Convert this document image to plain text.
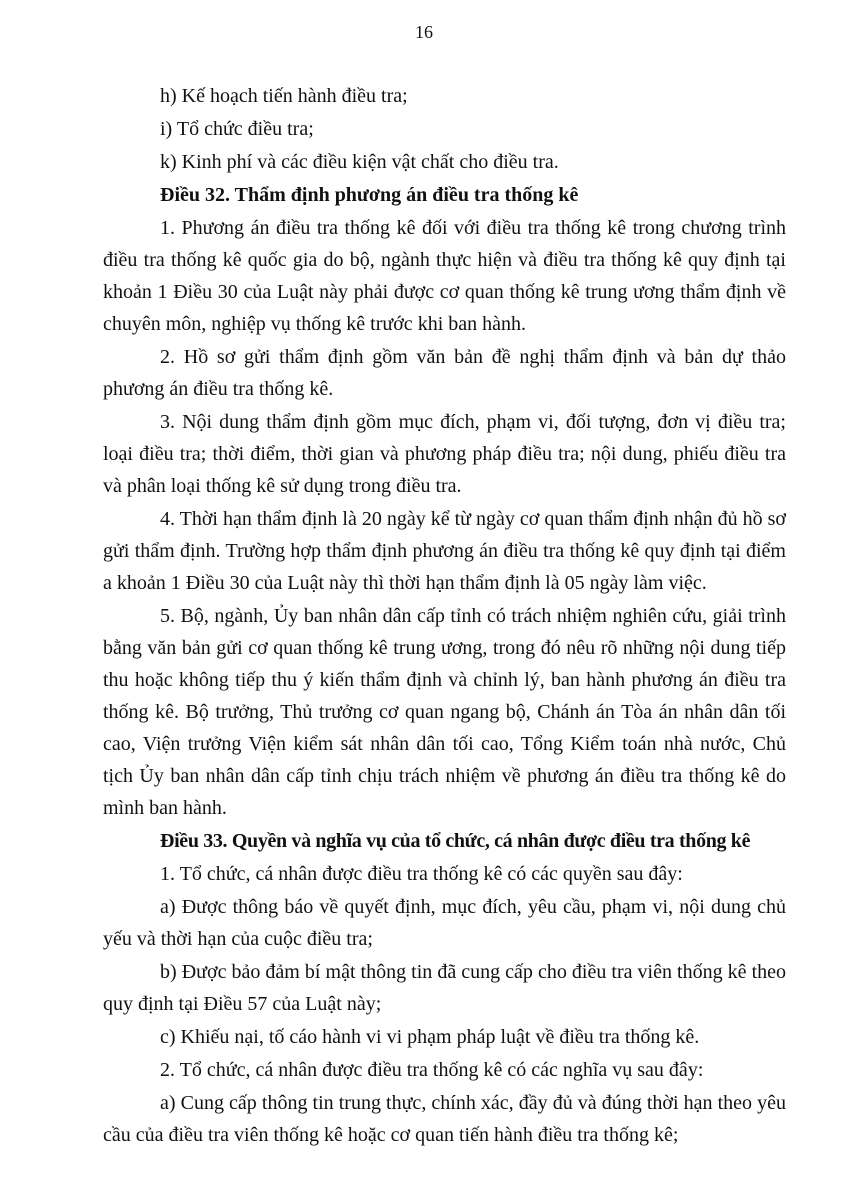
16

h) Kế hoạch tiến hành điều tra;

i) Tổ chức điều tra;

k) Kinh phí và các điều kiện vật chất cho điều tra.

Điều 32. Thẩm định phương án điều tra thống kê

1. Phương án điều tra thống kê đối với điều tra thống kê trong chương trình điều tra thống kê quốc gia do bộ, ngành thực hiện và điều tra thống kê quy định tại khoản 1 Điều 30 của Luật này phải được cơ quan thống kê trung ương thẩm định về chuyên môn, nghiệp vụ thống kê trước khi ban hành.

2. Hồ sơ gửi thẩm định gồm văn bản đề nghị thẩm định và bản dự thảo phương án điều tra thống kê.

3. Nội dung thẩm định gồm mục đích, phạm vi, đối tượng, đơn vị điều tra; loại điều tra; thời điểm, thời gian và phương pháp điều tra; nội dung, phiếu điều tra và phân loại thống kê sử dụng trong điều tra.

4. Thời hạn thẩm định là 20 ngày kể từ ngày cơ quan thẩm định nhận đủ hồ sơ gửi thẩm định. Trường hợp thẩm định phương án điều tra thống kê quy định tại điểm a khoản 1 Điều 30 của Luật này thì thời hạn thẩm định là 05 ngày làm việc.

5. Bộ, ngành, Ủy ban nhân dân cấp tỉnh có trách nhiệm nghiên cứu, giải trình bằng văn bản gửi cơ quan thống kê trung ương, trong đó nêu rõ những nội dung tiếp thu hoặc không tiếp thu ý kiến thẩm định và chỉnh lý, ban hành phương án điều tra thống kê. Bộ trưởng, Thủ trưởng cơ quan ngang bộ, Chánh án Tòa án nhân dân tối cao, Viện trưởng Viện kiểm sát nhân dân tối cao, Tổng Kiểm toán nhà nước, Chủ tịch Ủy ban nhân dân cấp tỉnh chịu trách nhiệm về phương án điều tra thống kê do mình ban hành.

Điều 33. Quyền và nghĩa vụ của tổ chức, cá nhân được điều tra thống kê

1. Tổ chức, cá nhân được điều tra thống kê có các quyền sau đây:

a) Được thông báo về quyết định, mục đích, yêu cầu, phạm vi, nội dung chủ yếu và thời hạn của cuộc điều tra;

b) Được bảo đảm bí mật thông tin đã cung cấp cho điều tra viên thống kê theo quy định tại Điều 57 của Luật này;

c) Khiếu nại, tố cáo hành vi vi phạm pháp luật về điều tra thống kê.

2. Tổ chức, cá nhân được điều tra thống kê có các nghĩa vụ sau đây:

a) Cung cấp thông tin trung thực, chính xác, đầy đủ và đúng thời hạn theo yêu cầu của điều tra viên thống kê hoặc cơ quan tiến hành điều tra thống kê;
